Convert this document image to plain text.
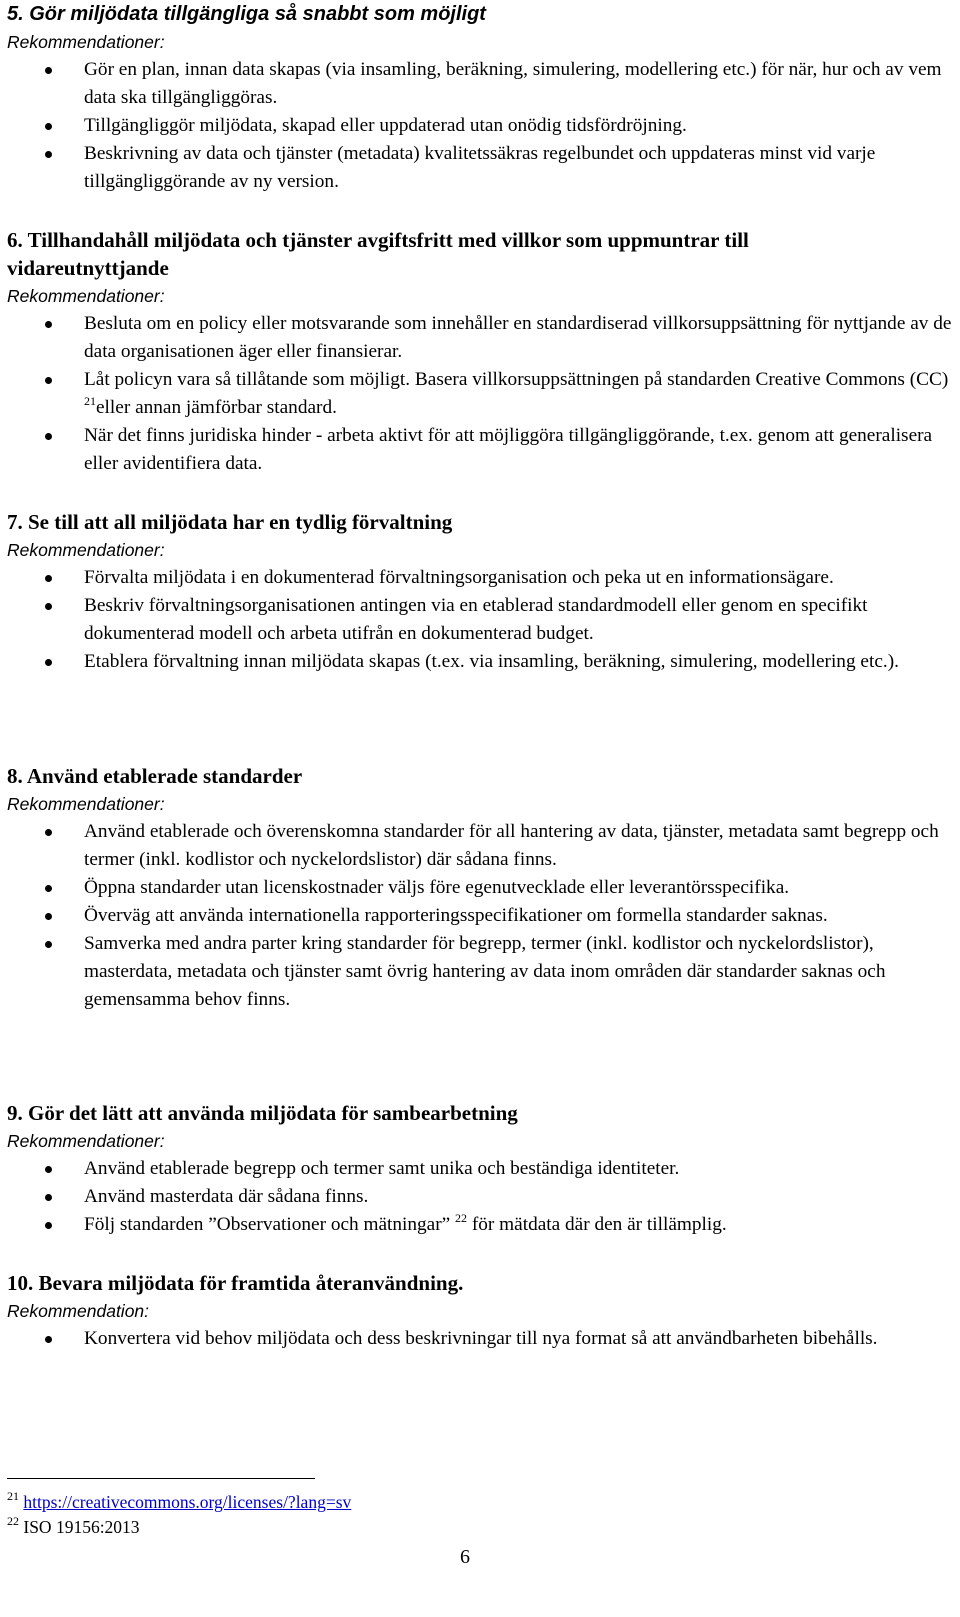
5. Gör miljödata tillgängliga så snabbt som möjligt

Rekommendationer:

Gör en plan, innan data skapas (via insamling, beräkning, simulering, modellering etc.) för när, hur och av vem data ska tillgängliggöras.
Tillgängliggör miljödata, skapad eller uppdaterad utan onödig tidsfördröjning.
Beskrivning av data och tjänster (metadata) kvalitetssäkras regelbundet och uppdateras minst vid varje tillgängliggörande av ny version.
6. Tillhandahåll miljödata och tjänster avgiftsfritt med villkor som uppmuntrar till vidareutnyttjande

Rekommendationer:

Besluta om en policy eller motsvarande som innehåller en standardiserad villkorsuppsättning för nyttjande av de data organisationen äger eller finansierar.
Låt policyn vara så tillåtande som möjligt. Basera villkorsuppsättningen på standarden Creative Commons (CC) $^{21}$eller annan jämförbar standard.
När det finns juridiska hinder - arbeta aktivt för att möjliggöra tillgängliggörande, t.ex. genom att generalisera eller avidentifiera data.
7. Se till att all miljödata har en tydlig förvaltning

Rekommendationer:

Förvalta miljödata i en dokumenterad förvaltningsorganisation och peka ut en informationsägare.
Beskriv förvaltningsorganisationen antingen via en etablerad standardmodell eller genom en specifikt dokumenterad modell och arbeta utifrån en dokumenterad budget.
Etablera förvaltning innan miljödata skapas (t.ex. via insamling, beräkning, simulering, modellering etc.).
8. Använd etablerade standarder

Rekommendationer:

Använd etablerade och överenskomna standarder för all hantering av data, tjänster, metadata samt begrepp och termer (inkl. kodlistor och nyckelordslistor) där sådana finns.
Öppna standarder utan licenskostnader väljs före egenutvecklade eller leverantörsspecifika.
Överväg att använda internationella rapporteringsspecifikationer om formella standarder saknas.
Samverka med andra parter kring standarder för begrepp, termer (inkl. kodlistor och nyckelordslistor), masterdata, metadata och tjänster samt övrig hantering av data inom områden där standarder saknas och gemensamma behov finns.
9. Gör det lätt att använda miljödata för sambearbetning

Rekommendationer:

Använd etablerade begrepp och termer samt unika och beständiga identiteter.
Använd masterdata där sådana finns.
Följ standarden ”Observationer och mätningar” $^{22}$ för mätdata där den är tillämplig.
10. Bevara miljödata för framtida återanvändning.

Rekommendation:

Konvertera vid behov miljödata och dess beskrivningar till nya format så att användbarheten bibehålls.
$^{21}$ https://creativecommons.org/licenses/?lang=sv
$^{22}$ ISO 19156:2013
6
